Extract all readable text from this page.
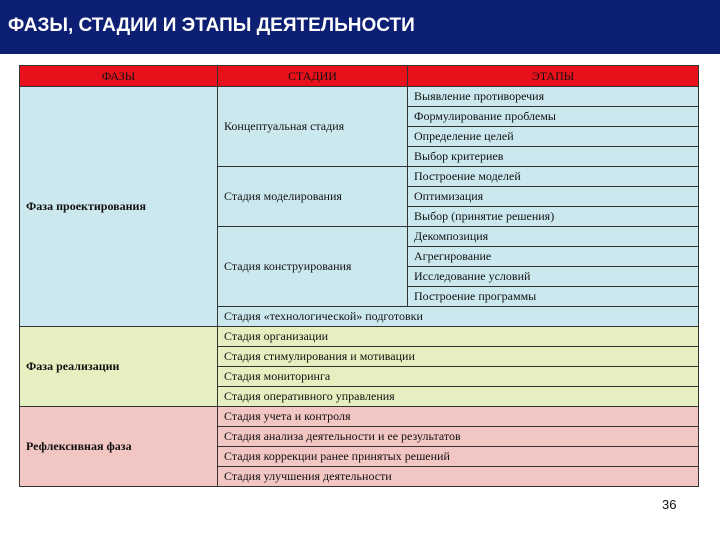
ФАЗЫ, СТАДИИ И ЭТАПЫ ДЕЯТЕЛЬНОСТИ
ФАЗЫ	СТАДИИ	ЭТАПЫ
Фаза проектирования	Концептуальная стадия	Выявление противоречия
		Формулирование проблемы
		Определение целей
		Выбор критериев
	Стадия моделирования	Построение моделей
		Оптимизация
		Выбор (принятие решения)
	Стадия конструирования	Декомпозиция
		Агрегирование
		Исследование условий
		Построение программы
	Стадия «технологической» подготовки	
Фаза реализации	Стадия организации	
	Стадия стимулирования и мотивации	
	Стадия мониторинга	
	Стадия оперативного управления	
Рефлексивная фаза	Стадия учета и контроля	
	Стадия анализа деятельности и ее результатов	
	Стадия коррекции ранее принятых решений	
	Стадия улучшения деятельности	
36
